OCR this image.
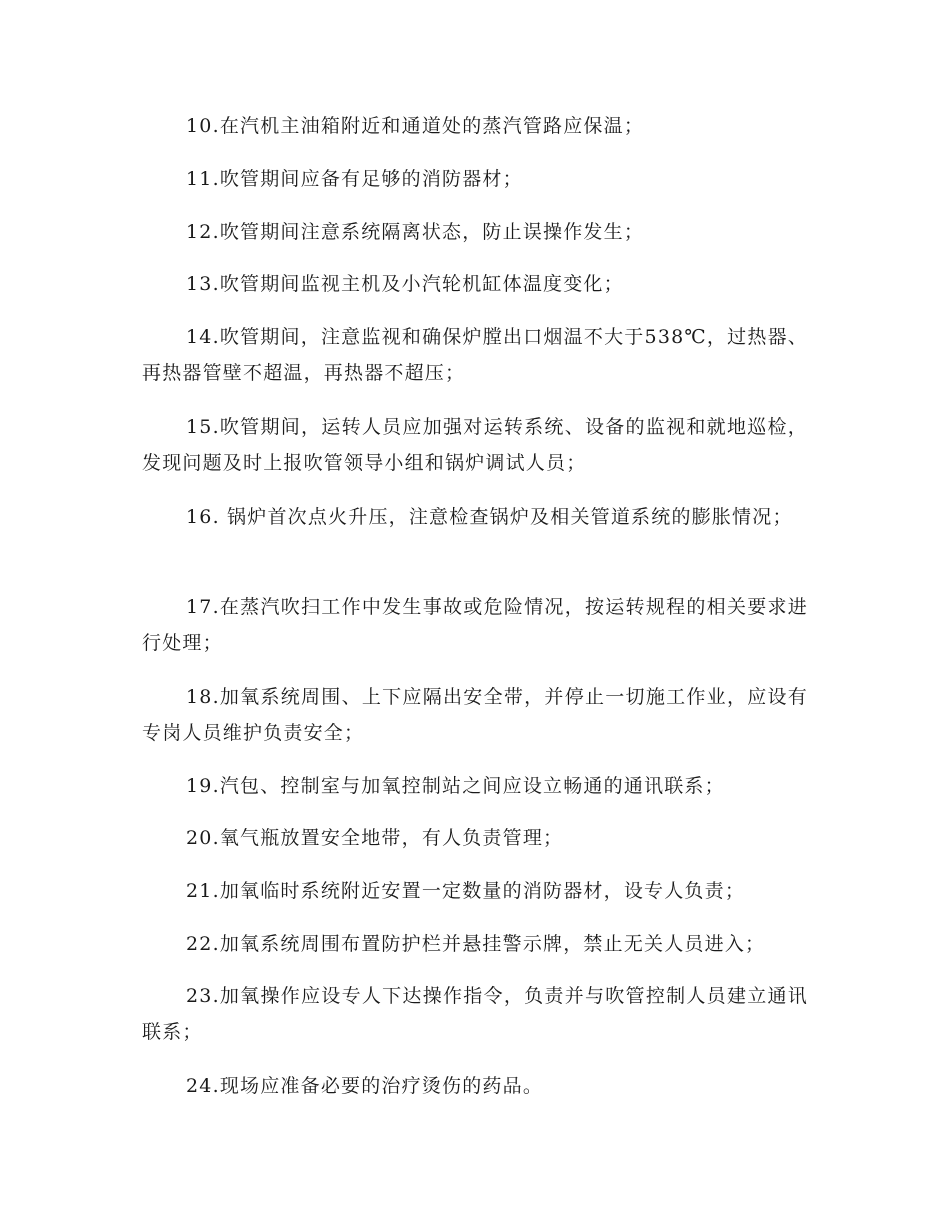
10.在汽机主油箱附近和通道处的蒸汽管路应保温；

11.吹管期间应备有足够的消防器材；

12.吹管期间注意系统隔离状态，防止误操作发生；

13.吹管期间监视主机及小汽轮机缸体温度变化；

14.吹管期间，注意监视和确保炉膛出口烟温不大于538℃，过热器、再热器管壁不超温，再热器不超压；

15.吹管期间，运转人员应加强对运转系统、设备的监视和就地巡检，发现问题及时上报吹管领导小组和锅炉调试人员；

16. 锅炉首次点火升压，注意检查锅炉及相关管道系统的膨胀情况；

17.在蒸汽吹扫工作中发生事故或危险情况，按运转规程的相关要求进行处理；

18.加氧系统周围、上下应隔出安全带，并停止一切施工作业，应设有专岗人员维护负责安全；

19.汽包、控制室与加氧控制站之间应设立畅通的通讯联系；

20.氧气瓶放置安全地带，有人负责管理；

21.加氧临时系统附近安置一定数量的消防器材，设专人负责；

22.加氧系统周围布置防护栏并悬挂警示牌，禁止无关人员进入；

23.加氧操作应设专人下达操作指令，负责并与吹管控制人员建立通讯联系；

24.现场应准备必要的治疗烫伤的药品。
